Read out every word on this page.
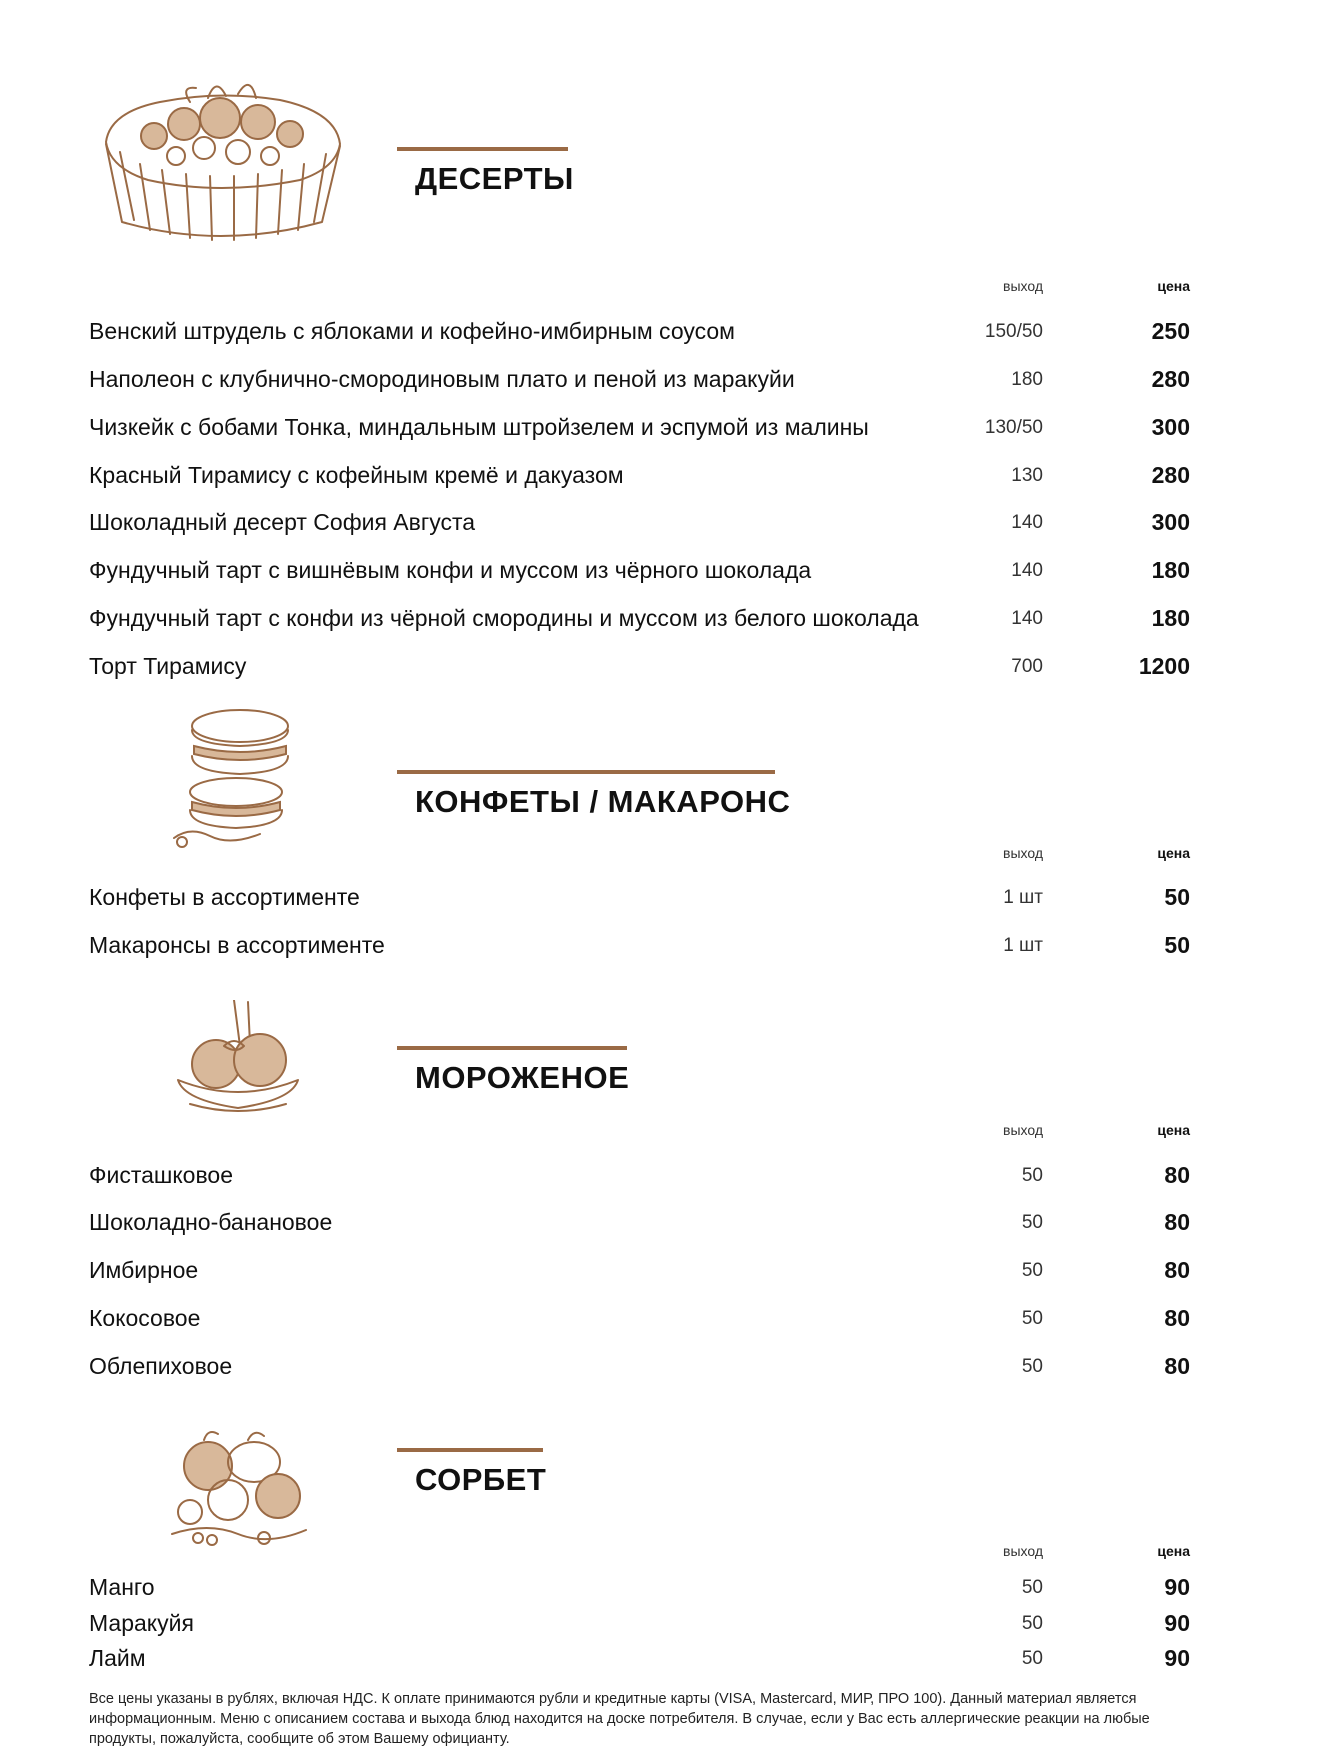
ДЕСЕРТЫ
выход	цена
Венский штрудель с яблоками и кофейно-имбирным соусом	150/50	250
Наполеон с клубнично-смородиновым плато и пеной из маракуйи	180	280
Чизкейк с бобами Тонка, миндальным штройзелем и эспумой из малины	130/50	300
Красный Тирамису с кофейным кремё и дакуазом	130	280
Шоколадный десерт София Августа	140	300
Фундучный тарт с вишнёвым конфи и муссом из чёрного шоколада	140	180
Фундучный тарт с конфи из чёрной смородины и муссом из белого шоколада	140	180
Торт Тирамису	700	1200
КОНФЕТЫ / МАКАРОНС
выход	цена
Конфеты в ассортименте	1 шт	50
Макаронсы в ассортименте	1 шт	50
МОРОЖЕНОЕ
выход	цена
Фисташковое	50	80
Шоколадно-банановое	50	80
Имбирное	50	80
Кокосовое	50	80
Облепиховое	50	80
СОРБЕТ
выход	цена
Манго	50	90
Маракуйя	50	90
Лайм	50	90
Все цены указаны в рублях, включая НДС. К оплате принимаются рубли и кредитные карты (VISA, Mastercard, МИР, ПРО 100). Данный материал является информационным. Меню с описанием состава и выхода блюд находится на доске потребителя. В случае, если у Вас есть аллергические реакции на любые продукты, пожалуйста, сообщите об этом Вашему официанту.
